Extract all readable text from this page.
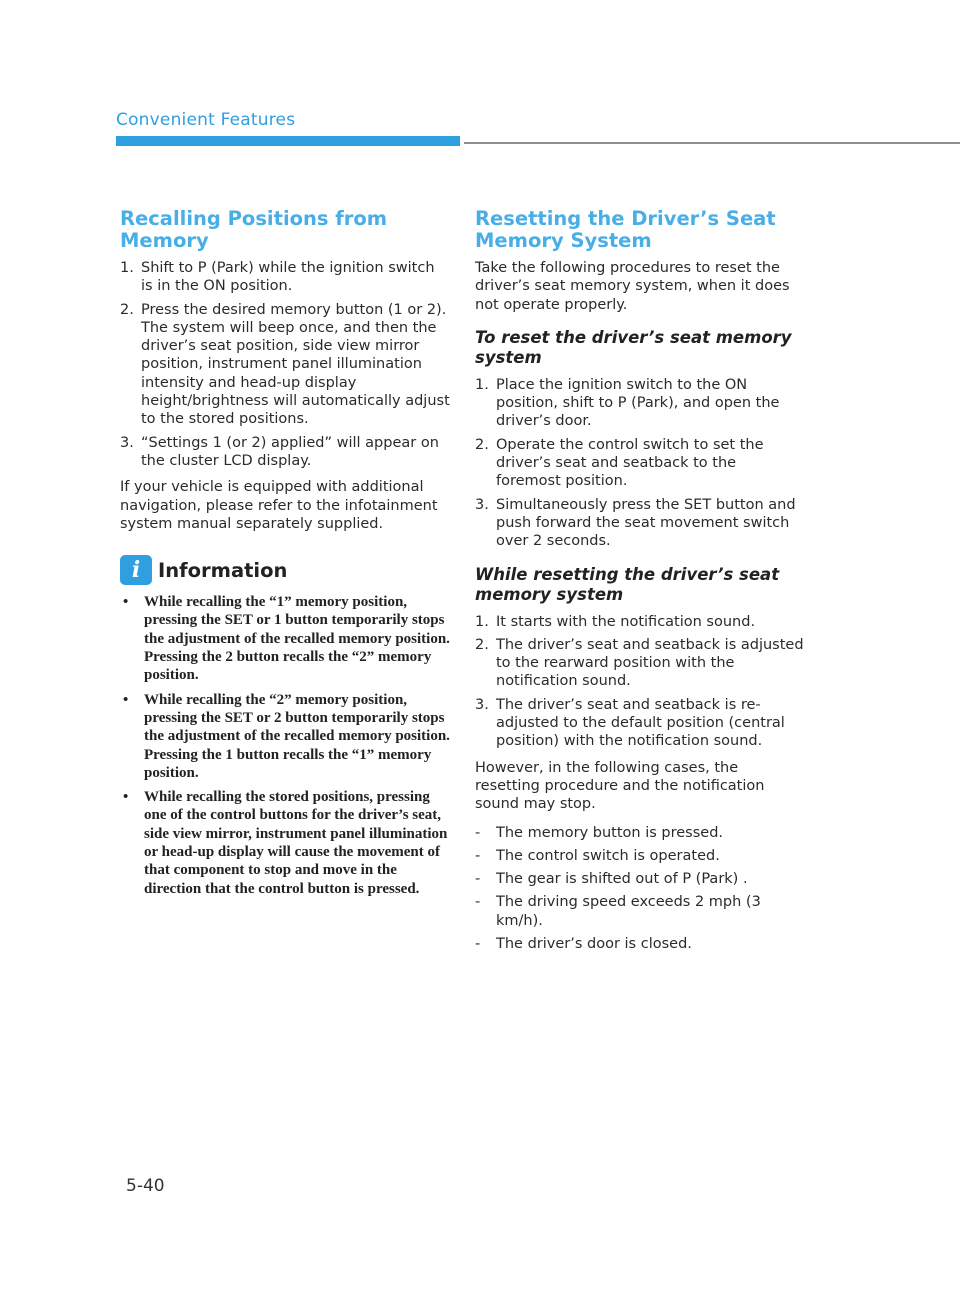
Convenient Features
Recalling Positions from Memory
1. Shift to P (Park) while the ignition switch is in the ON position.
2. Press the desired memory button (1 or 2). The system will beep once, and then the driver’s seat position, side view mirror position, instrument panel illumination intensity and head-up display height/brightness will automatically adjust to the stored positions.
3. “Settings 1 (or 2) applied” will appear on the cluster LCD display.

If your vehicle is equipped with additional navigation, please refer to the infotainment system manual separately supplied.

i Information
• While recalling the “1” memory position, pressing the SET or 1 button temporarily stops the adjustment of the recalled memory position. Pressing the 2 button recalls the “2” memory position.
• While recalling the “2” memory position, pressing the SET or 2 button temporarily stops the adjustment of the recalled memory position. Pressing the 1 button recalls the “1” memory position.
• While recalling the stored positions, pressing one of the control buttons for the driver’s seat, side view mirror, instrument panel illumination or head-up display will cause the movement of that component to stop and move in the direction that the control button is pressed.
Resetting the Driver’s Seat Memory System

Take the following procedures to reset the driver’s seat memory system, when it does not operate properly.

To reset the driver’s seat memory system
1. Place the ignition switch to the ON position, shift to P (Park), and open the driver’s door.
2. Operate the control switch to set the driver’s seat and seatback to the foremost position.
3. Simultaneously press the SET button and push forward the seat movement switch over 2 seconds.
While resetting the driver’s seat memory system
1. It starts with the notification sound.
2. The driver’s seat and seatback is adjusted to the rearward position with the notification sound.
3. The driver’s seat and seatback is re-adjusted to the default position (central position) with the notification sound.

However, in the following cases, the resetting procedure and the notification sound may stop.

- The memory button is pressed.
- The control switch is operated.
- The gear is shifted out of P (Park) .
- The driving speed exceeds 2 mph (3 km/h).
- The driver’s door is closed.
5-40
